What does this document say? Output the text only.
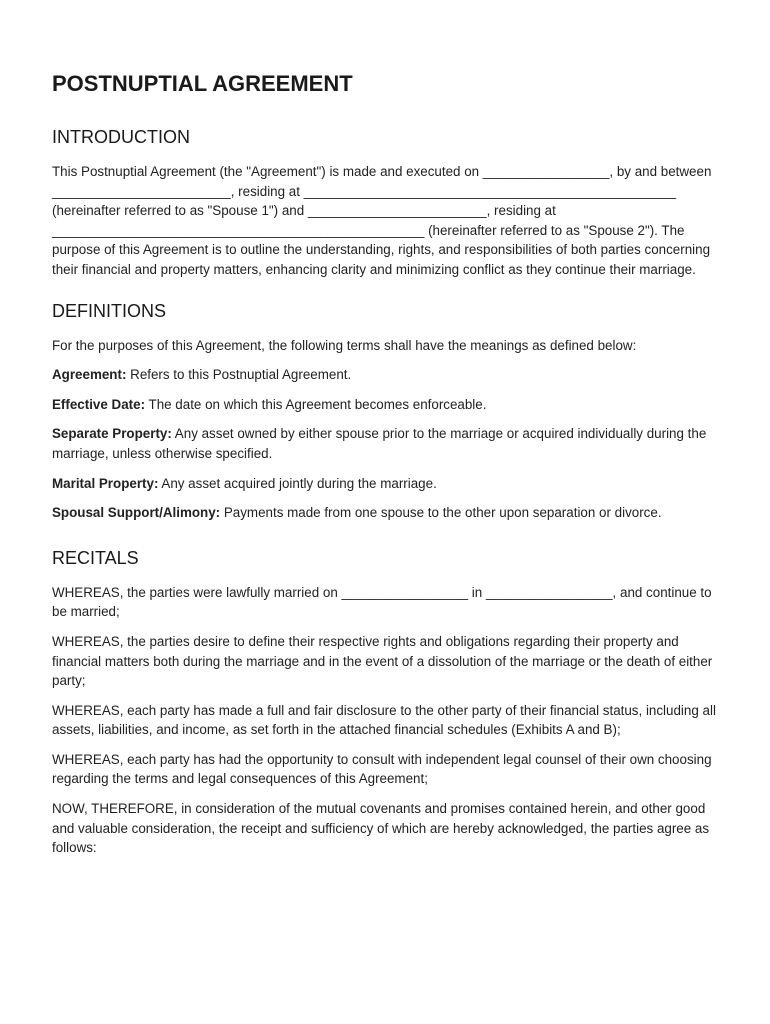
POSTNUPTIAL AGREEMENT
INTRODUCTION

This Postnuptial Agreement (the "Agreement") is made and executed on _________________, by and between ________________________, residing at __________________________________________________ (hereinafter referred to as "Spouse 1") and ________________________, residing at __________________________________________________ (hereinafter referred to as "Spouse 2"). The purpose of this Agreement is to outline the understanding, rights, and responsibilities of both parties concerning their financial and property matters, enhancing clarity and minimizing conflict as they continue their marriage.

DEFINITIONS

For the purposes of this Agreement, the following terms shall have the meanings as defined below:

Agreement: Refers to this Postnuptial Agreement.

Effective Date: The date on which this Agreement becomes enforceable.

Separate Property: Any asset owned by either spouse prior to the marriage or acquired individually during the marriage, unless otherwise specified.

Marital Property: Any asset acquired jointly during the marriage.

Spousal Support/Alimony: Payments made from one spouse to the other upon separation or divorce.

RECITALS

WHEREAS, the parties were lawfully married on _________________ in _________________, and continue to be married;

WHEREAS, the parties desire to define their respective rights and obligations regarding their property and financial matters both during the marriage and in the event of a dissolution of the marriage or the death of either party;

WHEREAS, each party has made a full and fair disclosure to the other party of their financial status, including all assets, liabilities, and income, as set forth in the attached financial schedules (Exhibits A and B);

WHEREAS, each party has had the opportunity to consult with independent legal counsel of their own choosing regarding the terms and legal consequences of this Agreement;

NOW, THEREFORE, in consideration of the mutual covenants and promises contained herein, and other good and valuable consideration, the receipt and sufficiency of which are hereby acknowledged, the parties agree as follows:
